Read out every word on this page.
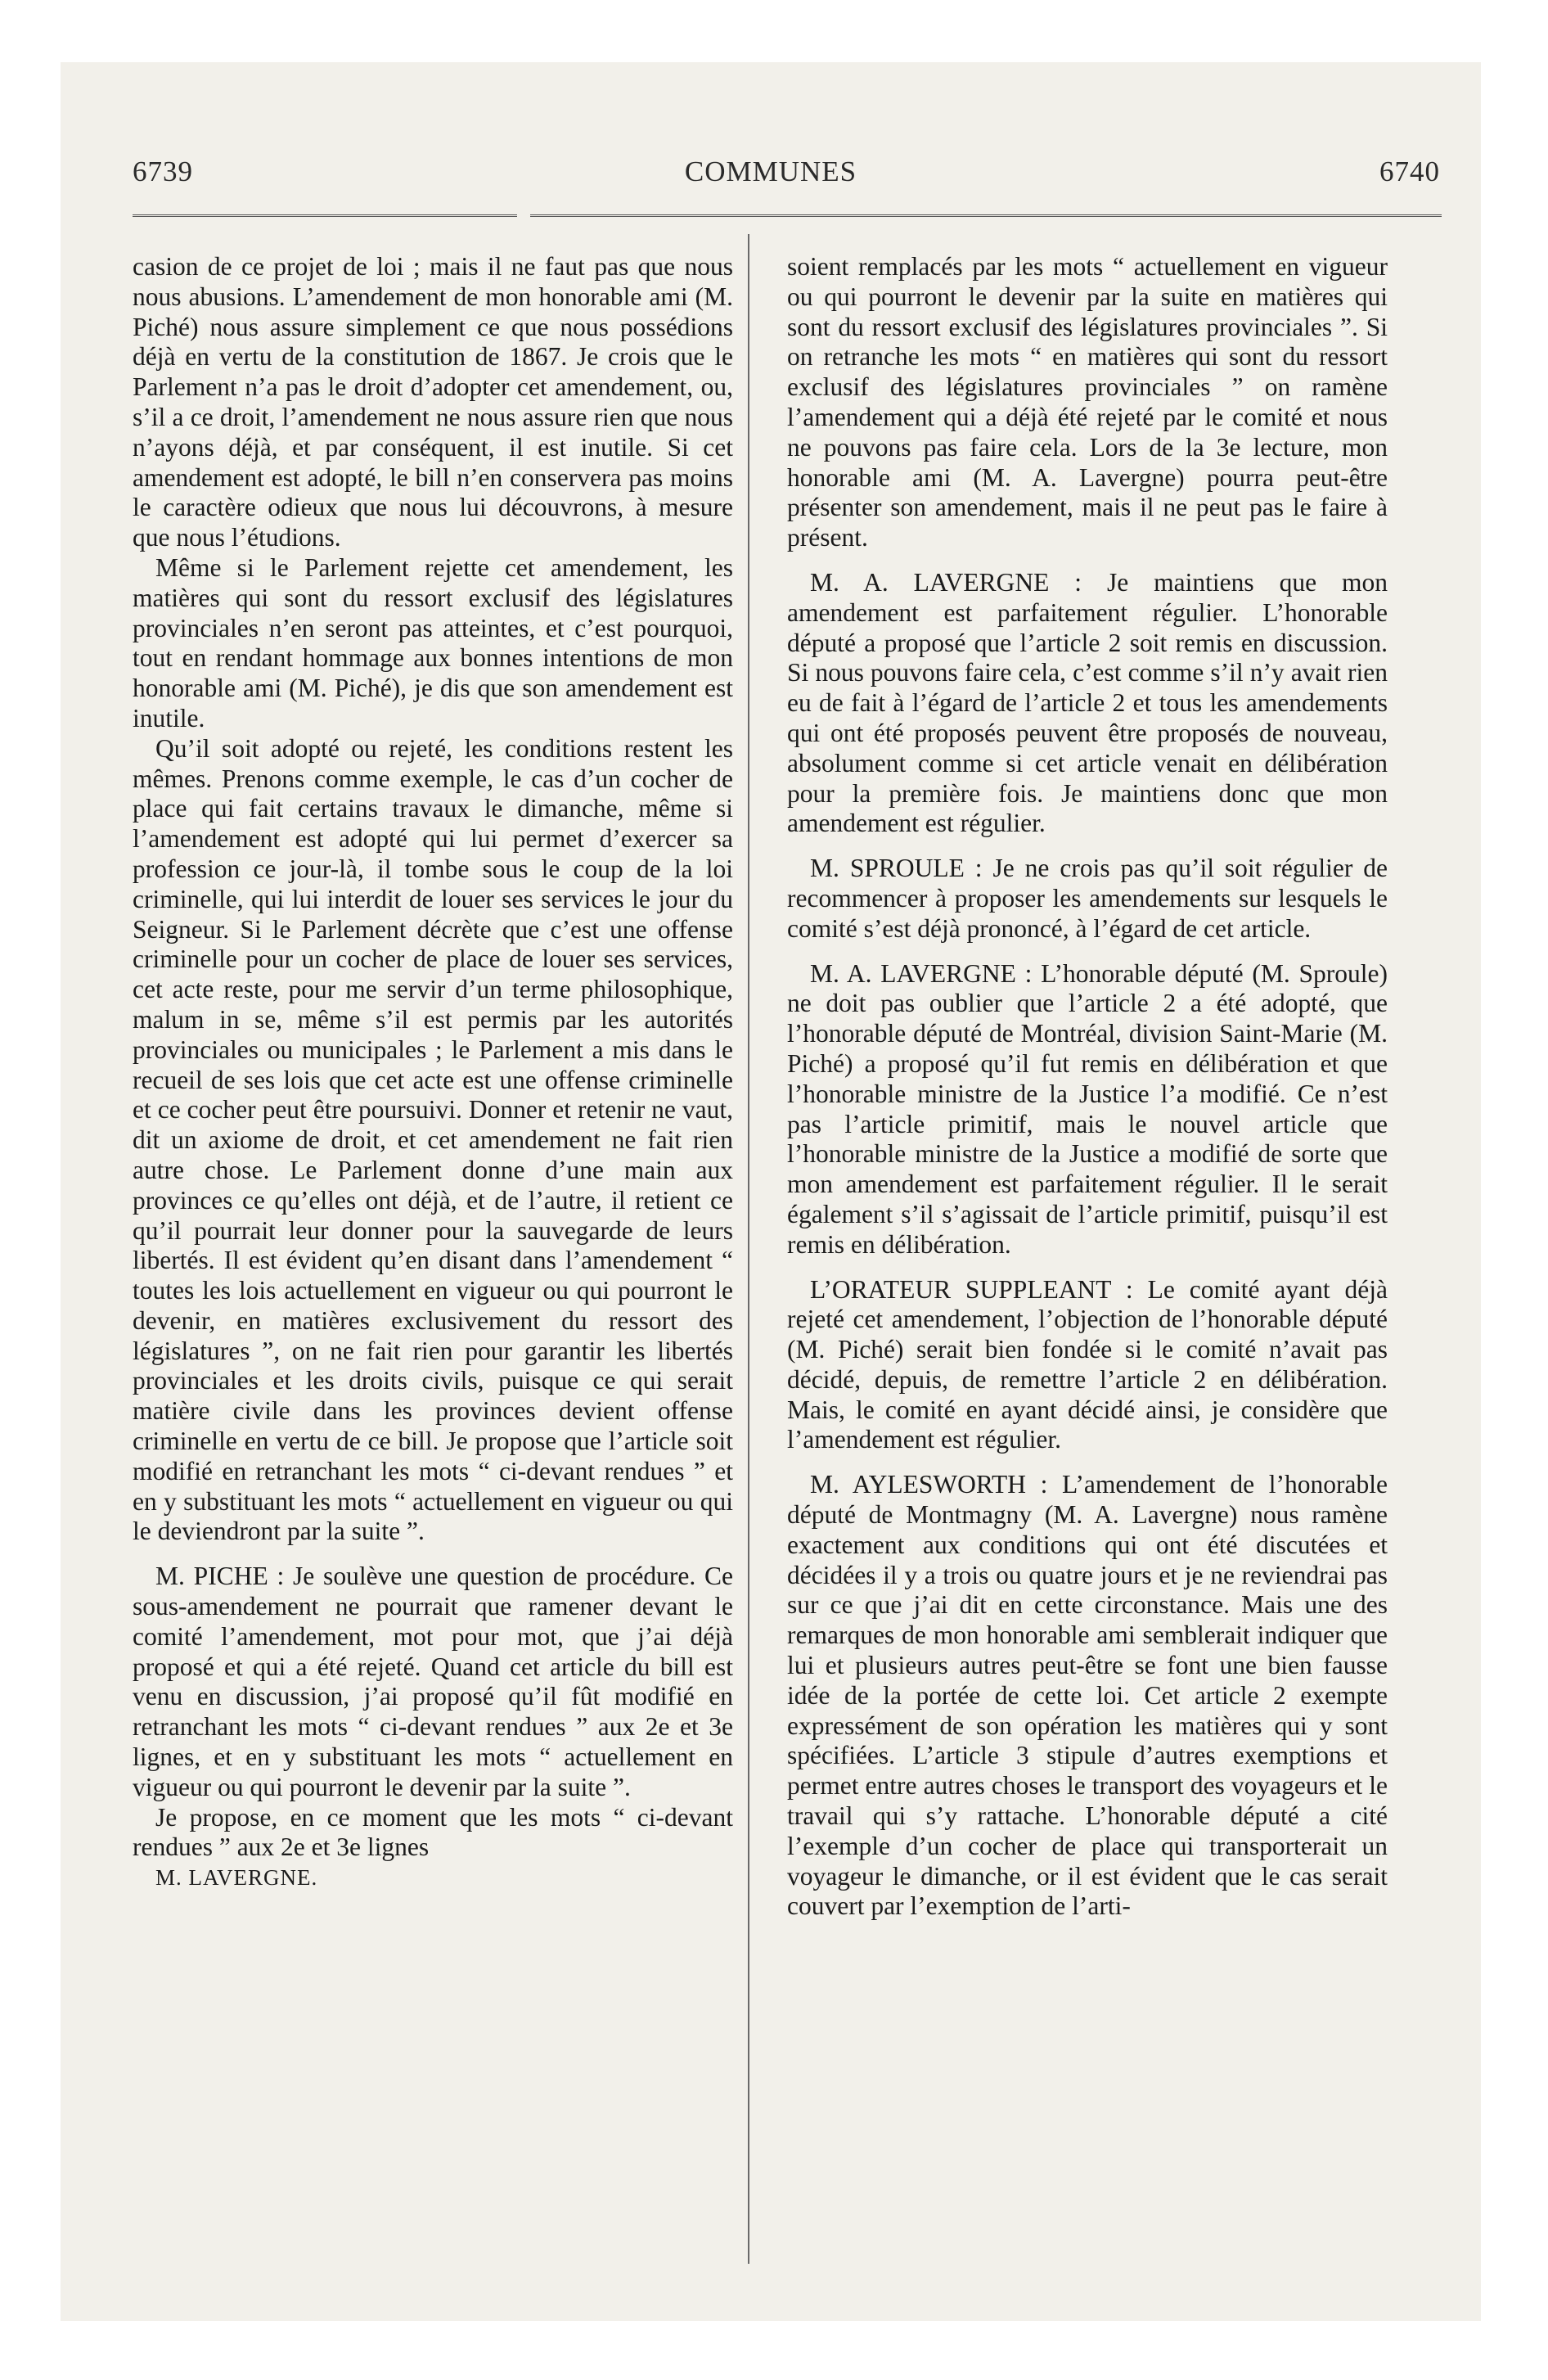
6739	COMMUNES	6740

casion de ce projet de loi ; mais il ne faut pas que nous nous abusions. L’amendement de mon honorable ami (M. Piché) nous assure simplement ce que nous possédions déjà en vertu de la constitution de 1867. Je crois que le Parlement n’a pas le droit d’adopter cet amendement, ou, s’il a ce droit, l’amendement ne nous assure rien que nous n’ayons déjà, et par conséquent, il est inutile. Si cet amendement est adopté, le bill n’en conservera pas moins le caractère odieux que nous lui découvrons, à mesure que nous l’étudions.

Même si le Parlement rejette cet amendement, les matières qui sont du ressort exclusif des législatures provinciales n’en seront pas atteintes, et c’est pourquoi, tout en rendant hommage aux bonnes intentions de mon honorable ami (M. Piché), je dis que son amendement est inutile.

Qu’il soit adopté ou rejeté, les conditions restent les mêmes. Prenons comme exemple, le cas d’un cocher de place qui fait certains travaux le dimanche, même si l’amendement est adopté qui lui permet d’exercer sa profession ce jour-là, il tombe sous le coup de la loi criminelle, qui lui interdit de louer ses services le jour du Seigneur. Si le Parlement décrète que c’est une offense criminelle pour un cocher de place de louer ses services, cet acte reste, pour me servir d’un terme philosophique, malum in se, même s’il est permis par les autorités provinciales ou municipales ; le Parlement a mis dans le recueil de ses lois que cet acte est une offense criminelle et ce cocher peut être poursuivi. Donner et retenir ne vaut, dit un axiome de droit, et cet amendement ne fait rien autre chose. Le Parlement donne d’une main aux provinces ce qu’elles ont déjà, et de l’autre, il retient ce qu’il pourrait leur donner pour la sauvegarde de leurs libertés. Il est évident qu’en disant dans l’amendement “ toutes les lois actuellement en vigueur ou qui pourront le devenir, en matières exclusivement du ressort des législatures ”, on ne fait rien pour garantir les libertés provinciales et les droits civils, puisque ce qui serait matière civile dans les provinces devient offense criminelle en vertu de ce bill. Je propose que l’article soit modifié en retranchant les mots “ ci-devant rendues ” et en y substituant les mots “ actuellement en vigueur ou qui le deviendront par la suite ”.

M. PICHE : Je soulève une question de procédure. Ce sous-amendement ne pourrait que ramener devant le comité l’amendement, mot pour mot, que j’ai déjà proposé et qui a été rejeté. Quand cet article du bill est venu en discussion, j’ai proposé qu’il fût modifié en retranchant les mots “ ci-devant rendues ” aux 2e et 3e lignes, et en y substituant les mots “ actuellement en vigueur ou qui pourront le devenir par la suite ”.

Je propose, en ce moment que les mots “ ci-devant rendues ” aux 2e et 3e lignes

M. LAVERGNE.

soient remplacés par les mots “ actuellement en vigueur ou qui pourront le devenir par la suite en matières qui sont du ressort exclusif des législatures provinciales ”. Si on retranche les mots “ en matières qui sont du ressort exclusif des législatures provinciales ” on ramène l’amendement qui a déjà été rejeté par le comité et nous ne pouvons pas faire cela. Lors de la 3e lecture, mon honorable ami (M. A. Lavergne) pourra peut-être présenter son amendement, mais il ne peut pas le faire à présent.

M. A. LAVERGNE : Je maintiens que mon amendement est parfaitement régulier. L’honorable député a proposé que l’article 2 soit remis en discussion. Si nous pouvons faire cela, c’est comme s’il n’y avait rien eu de fait à l’égard de l’article 2 et tous les amendements qui ont été proposés peuvent être proposés de nouveau, absolument comme si cet article venait en délibération pour la première fois. Je maintiens donc que mon amendement est régulier.

M. SPROULE : Je ne crois pas qu’il soit régulier de recommencer à proposer les amendements sur lesquels le comité s’est déjà prononcé, à l’égard de cet article.

M. A. LAVERGNE : L’honorable député (M. Sproule) ne doit pas oublier que l’article 2 a été adopté, que l’honorable député de Montréal, division Saint-Marie (M. Piché) a proposé qu’il fut remis en délibération et que l’honorable ministre de la Justice l’a modifié. Ce n’est pas l’article primitif, mais le nouvel article que l’honorable ministre de la Justice a modifié de sorte que mon amendement est parfaitement régulier. Il le serait également s’il s’agissait de l’article primitif, puisqu’il est remis en délibération.

L’ORATEUR SUPPLEANT : Le comité ayant déjà rejeté cet amendement, l’objection de l’honorable député (M. Piché) serait bien fondée si le comité n’avait pas décidé, depuis, de remettre l’article 2 en délibération. Mais, le comité en ayant décidé ainsi, je considère que l’amendement est régulier.

M. AYLESWORTH : L’amendement de l’honorable député de Montmagny (M. A. Lavergne) nous ramène exactement aux conditions qui ont été discutées et décidées il y a trois ou quatre jours et je ne reviendrai pas sur ce que j’ai dit en cette circonstance. Mais une des remarques de mon honorable ami semblerait indiquer que lui et plusieurs autres peut-être se font une bien fausse idée de la portée de cette loi. Cet article 2 exempte expressément de son opération les matières qui y sont spécifiées. L’article 3 stipule d’autres exemptions et permet entre autres choses le transport des voyageurs et le travail qui s’y rattache. L’honorable député a cité l’exemple d’un cocher de place qui transporterait un voyageur le dimanche, or il est évident que le cas serait couvert par l’exemption de l’arti-
